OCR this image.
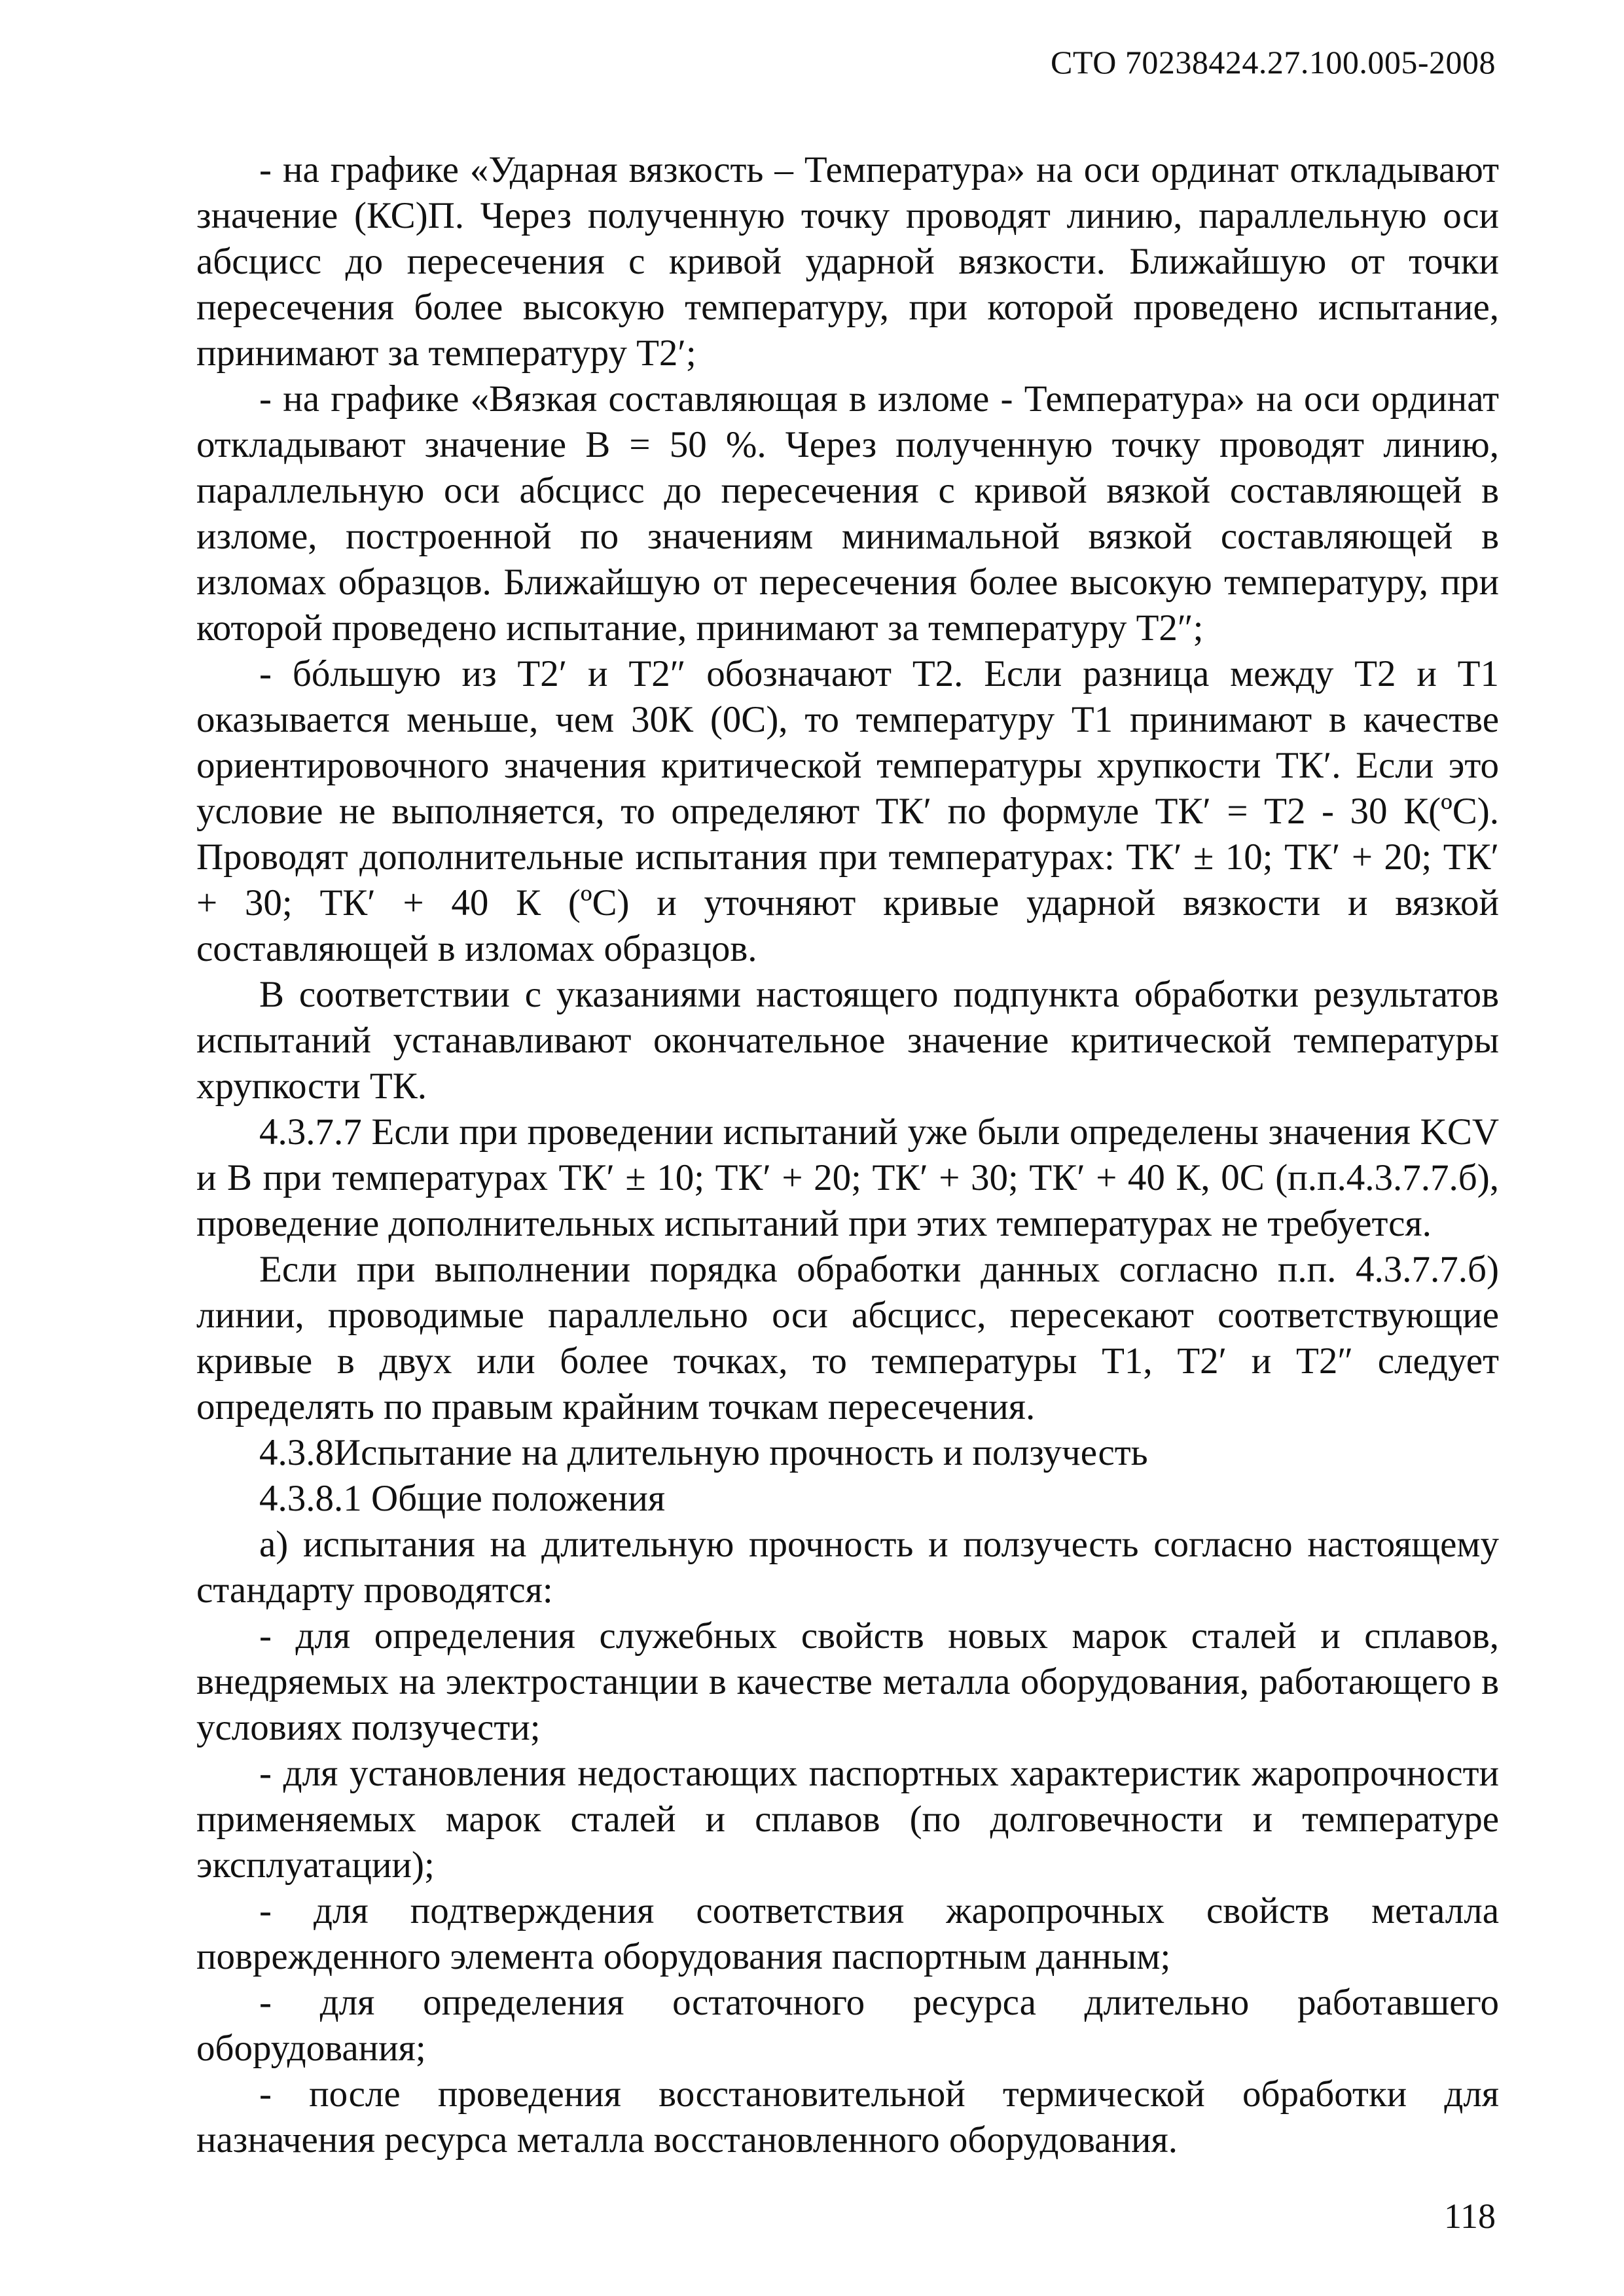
СТО 70238424.27.100.005-2008

- на графике «Ударная вязкость – Температура» на оси ординат откладывают значение (КС)П. Через полученную точку проводят линию, параллельную оси абсцисс до пересечения с кривой ударной вязкости. Ближайшую от точки пересечения более высокую температуру, при которой проведено испытание, принимают за температуру Т2′;

- на графике «Вязкая составляющая в изломе - Температура» на оси ординат откладывают значение В = 50 %. Через полученную точку проводят линию, параллельную оси абсцисс до пересечения с кривой вязкой составляющей в изломе, построенной по значениям минимальной вязкой составляющей в изломах образцов. Ближайшую от пересечения более высокую температуру, при которой проведено испытание, принимают за температуру Т2″;

- бóльшую из Т2′ и Т2″ обозначают Т2. Если разница между Т2 и Т1 оказывается меньше, чем 30К (0С), то температуру Т1 принимают в качестве ориентировочного значения критической температуры хрупкости ТК′. Если это условие не выполняется, то определяют ТК′ по формуле ТК′ = Т2 - 30 К(ºС). Проводят дополнительные испытания при температурах: ТК′ ± 10; ТК′ + 20; ТК′ + 30; ТК′ + 40 К (ºС) и уточняют кривые ударной вязкости и вязкой составляющей в изломах образцов.

В соответствии с указаниями настоящего подпункта обработки результатов испытаний устанавливают окончательное значение критической температуры хрупкости ТК.

4.3.7.7 Если при проведении испытаний уже были определены значения KCV и В при температурах ТК′ ± 10; ТК′ + 20; ТК′ + 30; ТК′ + 40 К, 0С (п.п.4.3.7.7.б), проведение дополнительных испытаний при этих температурах не требуется.

Если при выполнении порядка обработки данных согласно п.п. 4.3.7.7.б) линии, проводимые параллельно оси абсцисс, пересекают соответствующие кривые в двух или более точках, то температуры Т1, Т2′ и Т2″ следует определять по правым крайним точкам пересечения.

4.3.8Испытание на длительную прочность и ползучесть

4.3.8.1 Общие положения

а) испытания на длительную прочность и ползучесть согласно настоящему стандарту проводятся:

- для определения служебных свойств новых марок сталей и сплавов, внедряемых на электростанции в качестве металла оборудования, работающего в условиях ползучести;

- для установления недостающих паспортных характеристик жаропрочности применяемых марок сталей и сплавов (по долговечности и температуре эксплуатации);

- для подтверждения соответствия жаропрочных свойств металла поврежденного элемента оборудования паспортным данным;

- для определения остаточного ресурса длительно работавшего оборудования;

- после проведения восстановительной термической обработки для назначения ресурса металла восстановленного оборудования.

118
